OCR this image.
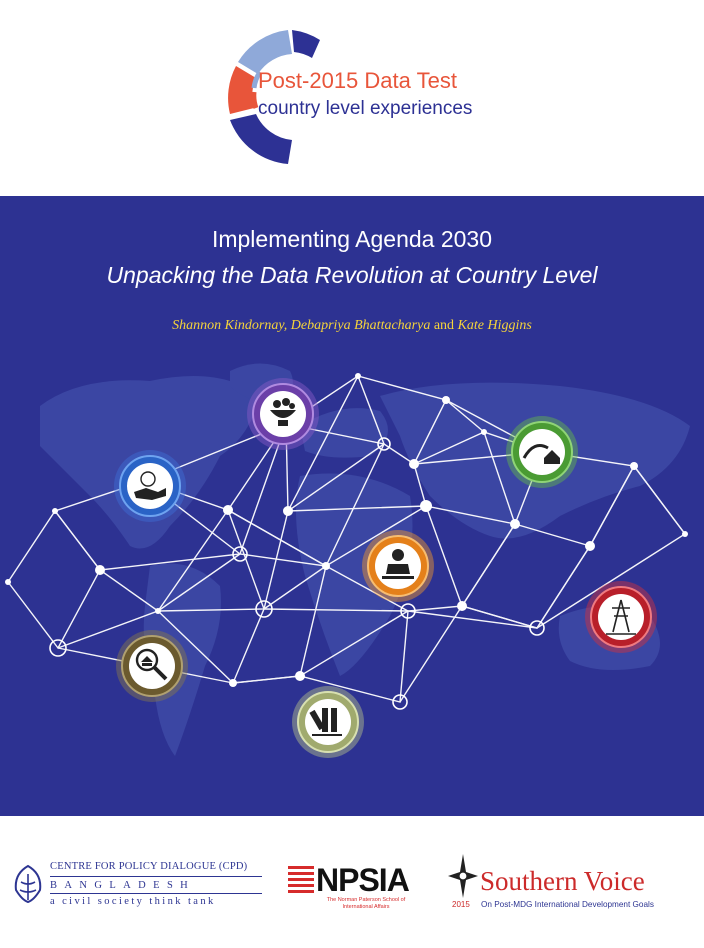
Post-2015 Data Test
country level experiences
Implementing Agenda 2030
Unpacking the Data Revolution at Country Level
Shannon Kindornay, Debapriya Bhattacharya and Kate Higgins
CENTRE FOR POLICY DIALOGUE (CPD)
BANGLADESH
a civil society think tank
NPSIA
The Norman Paterson School of International Affairs
Southern Voice
2015 On Post-MDG International Development Goals
